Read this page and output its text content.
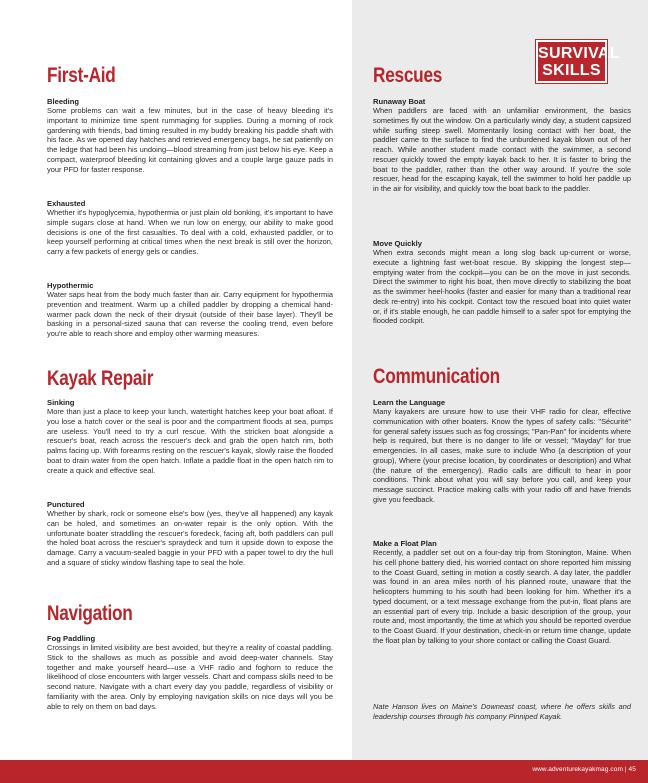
SURVIVAL
SKILLS
First-Aid
Bleeding
Some problems can wait a few minutes, but in the case of heavy bleeding it's important to minimize time spent rummaging for supplies. During a morning of rock gardening with friends, bad timing resulted in my buddy breaking his paddle shaft with his face. As we opened day hatches and retrieved emergency bags, he sat patiently on the ledge that had been his undoing—blood streaming from just below his eye. Keep a compact, waterproof bleeding kit containing gloves and a couple large gauze pads in your PFD for faster response.
Exhausted
Whether it's hypoglycemia, hypothermia or just plain old bonking, it's important to have simple sugars close at hand. When we run low on energy, our ability to make good decisions is one of the first casualties. To deal with a cold, exhausted paddler, or to keep yourself performing at critical times when the next break is still over the horizon, carry a few packets of energy gels or candies.
Hypothermic
Water saps heat from the body much faster than air. Carry equipment for hypothermia prevention and treatment. Warm up a chilled paddler by dropping a chemical hand-warmer pack down the neck of their drysuit (outside of their base layer). They'll be basking in a personal-sized sauna that can reverse the cooling trend, even before you're able to reach shore and employ other warming measures.
Kayak Repair
Sinking
More than just a place to keep your lunch, watertight hatches keep your boat afloat. If you lose a hatch cover or the seal is poor and the compartment floods at sea, pumps are useless. You'll need to try a curl rescue. With the stricken boat alongside a rescuer's boat, reach across the rescuer's deck and grab the open hatch rim, both palms facing up. With forearms resting on the rescuer's kayak, slowly raise the flooded boat to drain water from the open hatch. Inflate a paddle float in the open hatch rim to create a quick and effective seal.
Punctured
Whether by shark, rock or someone else's bow (yes, they've all happened) any kayak can be holed, and sometimes an on-water repair is the only option. With the unfortunate boater straddling the rescuer's foredeck, facing aft, both paddlers can pull the holed boat across the rescuer's spraydeck and turn it upside down to expose the damage. Carry a vacuum-sealed baggie in your PFD with a paper towel to dry the hull and a square of sticky window flashing tape to seal the hole.
Navigation
Fog Paddling
Crossings in limited visibility are best avoided, but they're a reality of coastal paddling. Stick to the shallows as much as possible and avoid deep-water channels. Stay together and make yourself heard—use a VHF radio and foghorn to reduce the likelihood of close encounters with larger vessels. Chart and compass skills need to be second nature. Navigate with a chart every day you paddle, regardless of visibility or familiarity with the area. Only by employing navigation skills on nice days will you be able to rely on them on bad days.
Rescues
Runaway Boat
When paddlers are faced with an unfamiliar environment, the basics sometimes fly out the window. On a particularly windy day, a student capsized while surfing steep swell. Momentarily losing contact with her boat, the paddler came to the surface to find the unburdened kayak blown out of her reach. While another student made contact with the swimmer, a second rescuer quickly towed the empty kayak back to her. It is faster to bring the boat to the paddler, rather than the other way around. If you're the sole rescuer, head for the escaping kayak, tell the swimmer to hold her paddle up in the air for visibility, and quickly tow the boat back to the paddler.
Move Quickly
When extra seconds might mean a long slog back up-current or worse, execute a lightning fast wet-boat rescue. By skipping the longest step—emptying water from the cockpit—you can be on the move in just seconds. Direct the swimmer to right his boat, then move directly to stabilizing the boat as the swimmer heel-hooks (faster and easier for many than a traditional rear deck re-entry) into his cockpit. Contact tow the rescued boat into quiet water or, if it's stable enough, he can paddle himself to a safer spot for emptying the flooded cockpit.
Communication
Learn the Language
Many kayakers are unsure how to use their VHF radio for clear, effective communication with other boaters. Know the types of safety calls: "Sécurité" for general safety issues such as fog crossings; "Pan-Pan" for incidents where help is required, but there is no danger to life or vessel; "Mayday" for true emergencies. In all cases, make sure to include Who (a description of your group), Where (your precise location, by coordinates or description) and What (the nature of the emergency). Radio calls are difficult to hear in poor conditions. Think about what you will say before you call, and keep your message succinct. Practice making calls with your radio off and have friends give you feedback.
Make a Float Plan
Recently, a paddler set out on a four-day trip from Stonington, Maine. When his cell phone battery died, his worried contact on shore reported him missing to the Coast Guard, setting in motion a costly search. A day later, the paddler was found in an area miles north of his planned route, unaware that the helicopters humming to his south had been looking for him. Whether it's a typed document, or a text message exchange from the put-in, float plans are an essential part of every trip. Include a basic description of the group, your route and, most importantly, the time at which you should be reported overdue to the Coast Guard. If your destination, check-in or return time change, update the float plan by talking to your shore contact or calling the Coast Guard.
Nate Hanson lives on Maine's Downeast coast, where he offers skills and leadership courses through his company Pinniped Kayak.
www.adventurekayakmag.com | 45
